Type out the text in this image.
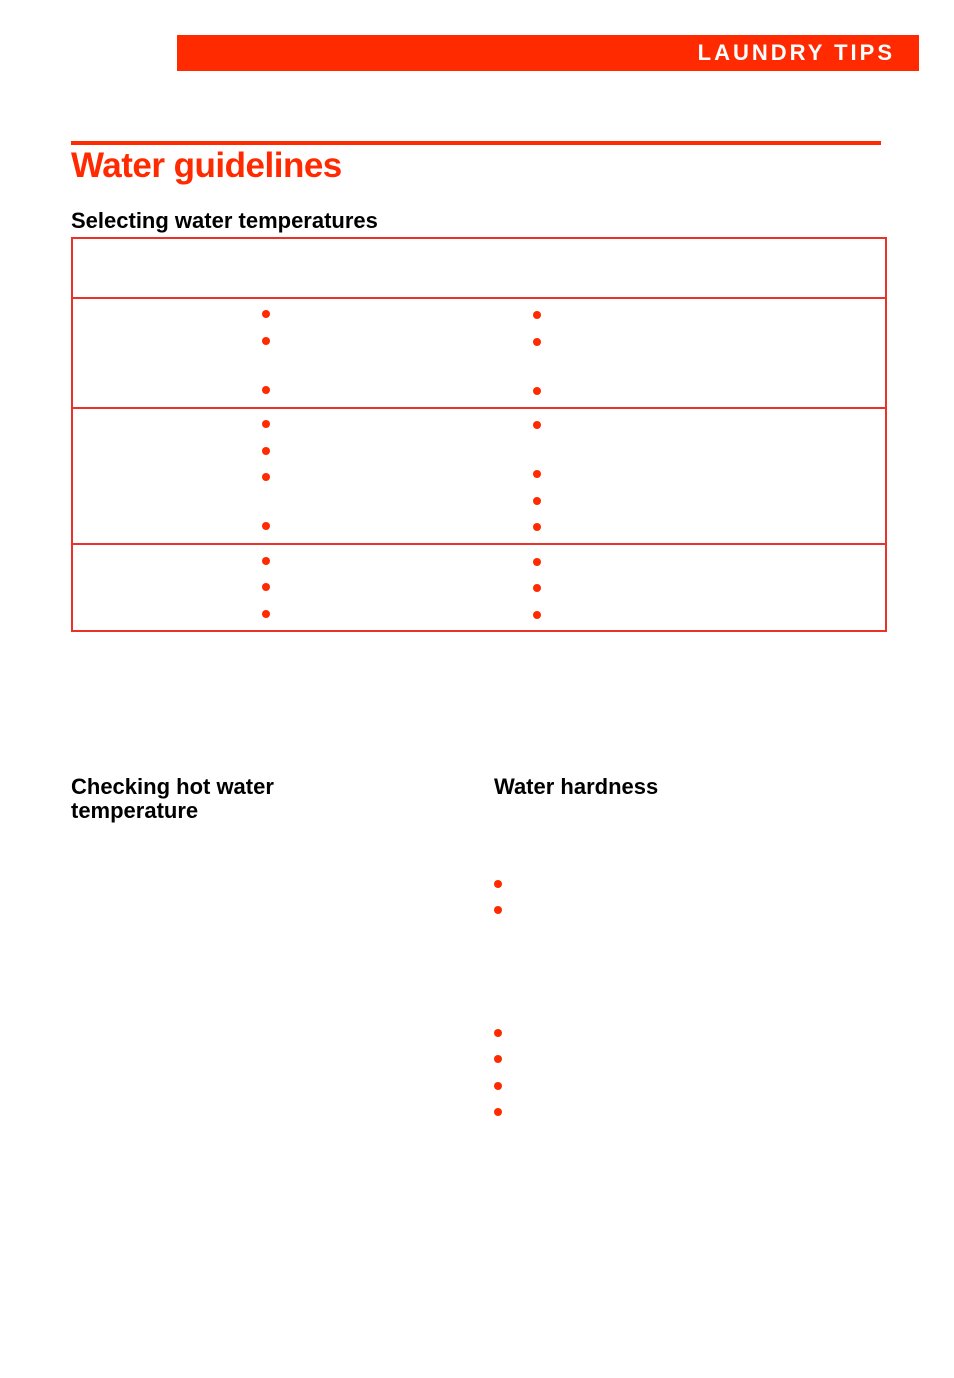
LAUNDRY TIPS
Water guidelines
Selecting water temperatures
Checking hot water
temperature
Water hardness
